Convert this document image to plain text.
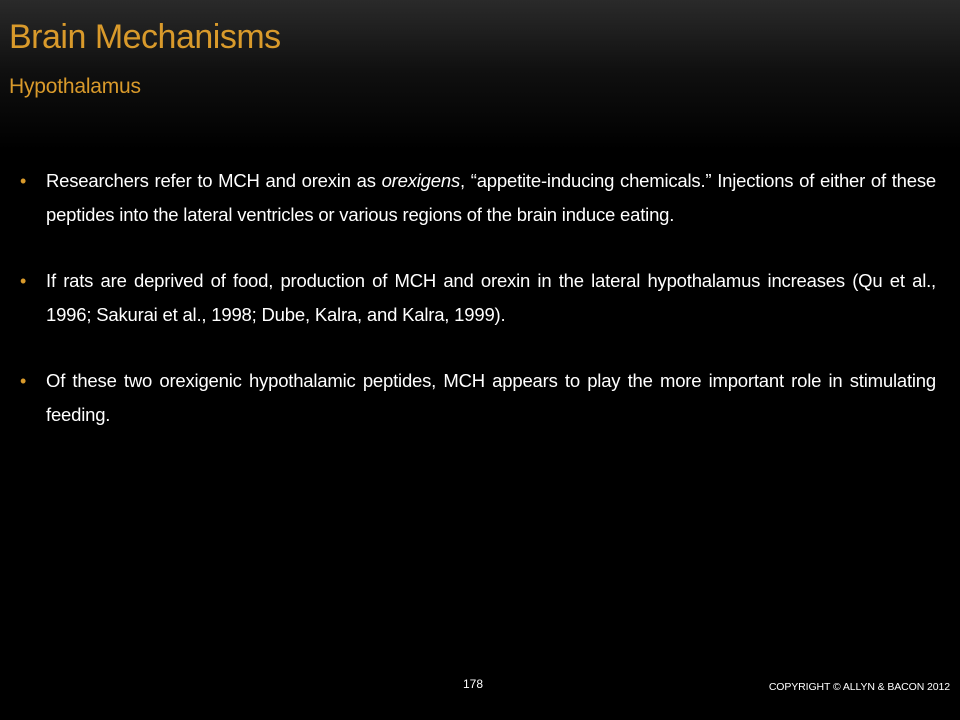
Brain Mechanisms
Hypothalamus
• Researchers refer to MCH and orexin as orexigens, “appetite-inducing chemicals.” Injections of either of these peptides into the lateral ventricles or various regions of the brain induce eating.
• If rats are deprived of food, production of MCH and orexin in the lateral hypothalamus increases (Qu et al., 1996; Sakurai et al., 1998; Dube, Kalra, and Kalra, 1999).
• Of these two orexigenic hypothalamic peptides, MCH appears to play the more important role in stimulating feeding.
178	COPYRIGHT © ALLYN & BACON 2012
